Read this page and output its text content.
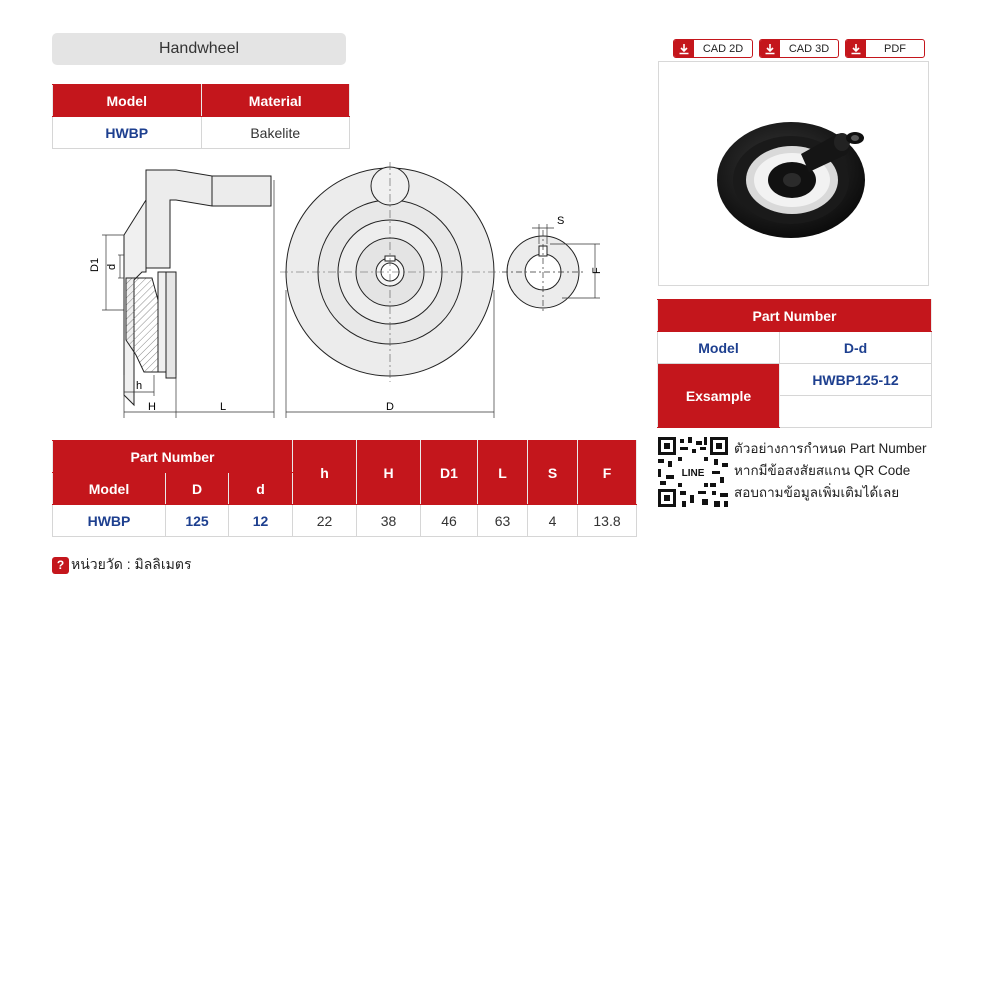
Handwheel
Model	Material
HWBP	Bakelite
D1 d
h
H	L	D
S
F
Part Number			h	H	D1	L	S	F
Model	D	d						
HWBP	125	12	22	38	46	63	4	13.8
? หน่วยวัด : มิลลิเมตร
CAD 2D	CAD 3D	PDF
Part Number	
Model	D-d
Exsample	HWBP125-12

LINE
ตัวอย่างการกำหนด Part Number
หากมีข้อสงสัยสแกน QR Code
สอบถามข้อมูลเพิ่มเติมได้เลย
